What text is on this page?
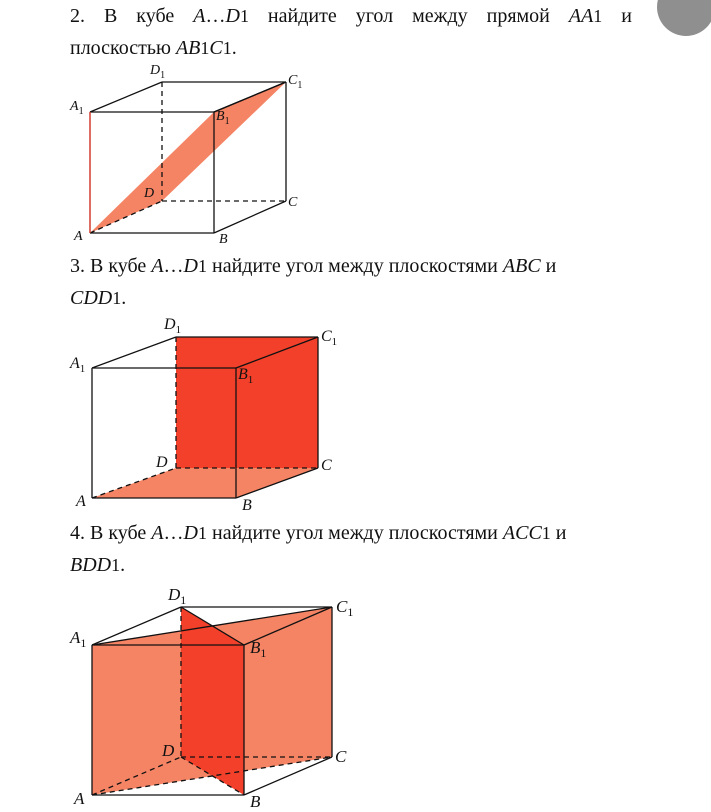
2. В кубе A…D1 найдите угол между прямой AA1 и
плоскостью AB1C1.

$A_1$
$D_1$	$C_1$
$B_1$
D
C
A	B

3. В кубе A…D1 найдите угол между плоскостями ABC и
CDD1.

$A_1$
$D_1$	$C_1$
$B_1$
D	C
A	B

4. В кубе A…D1 найдите угол между плоскостями ACC1 и
BDD1.

$A_1$
$D_1$	$C_1$
$B_1$
D	C
A	B
